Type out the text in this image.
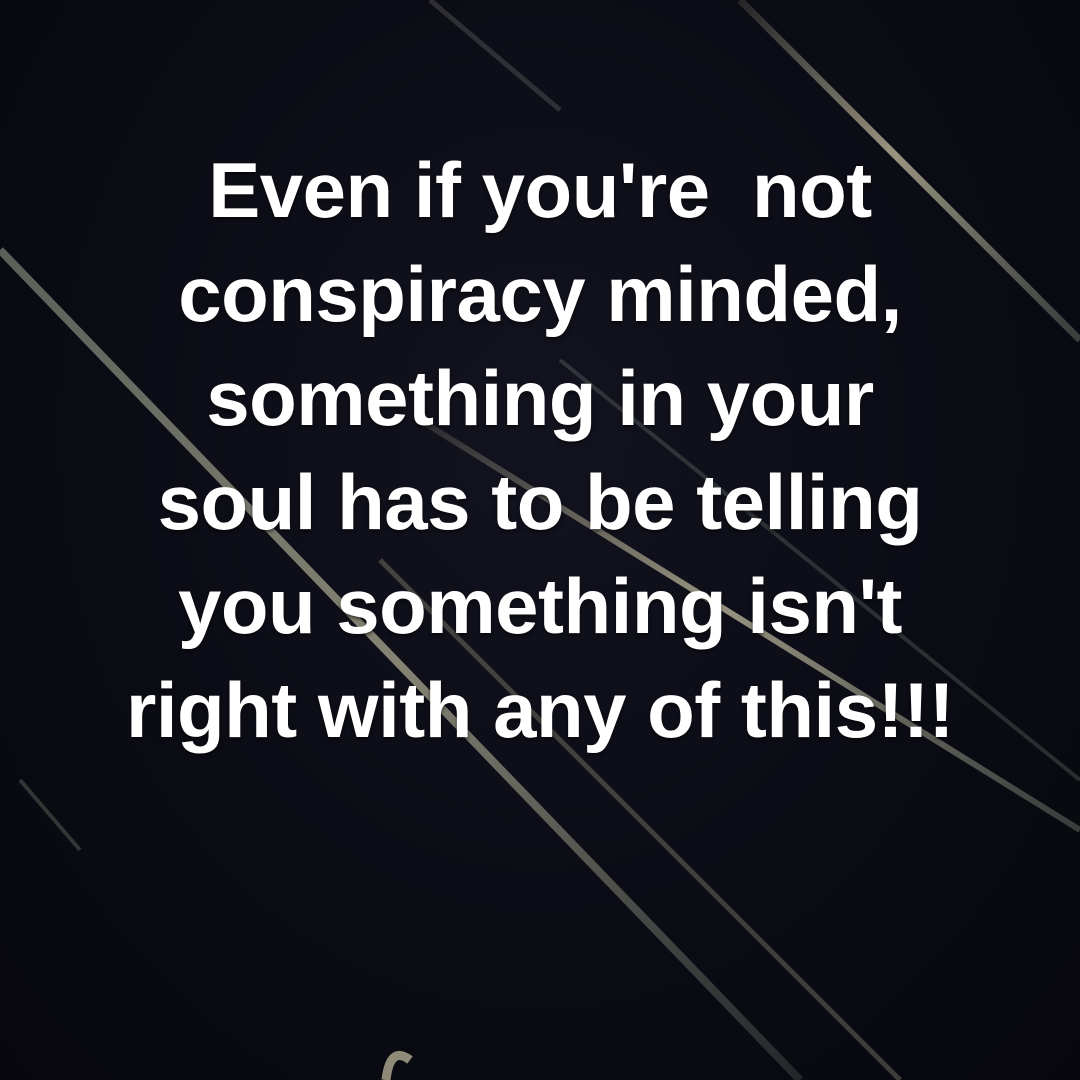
Even if you're  not
conspiracy minded,
something in your
soul has to be telling
you something isn't
right with any of this!!!
